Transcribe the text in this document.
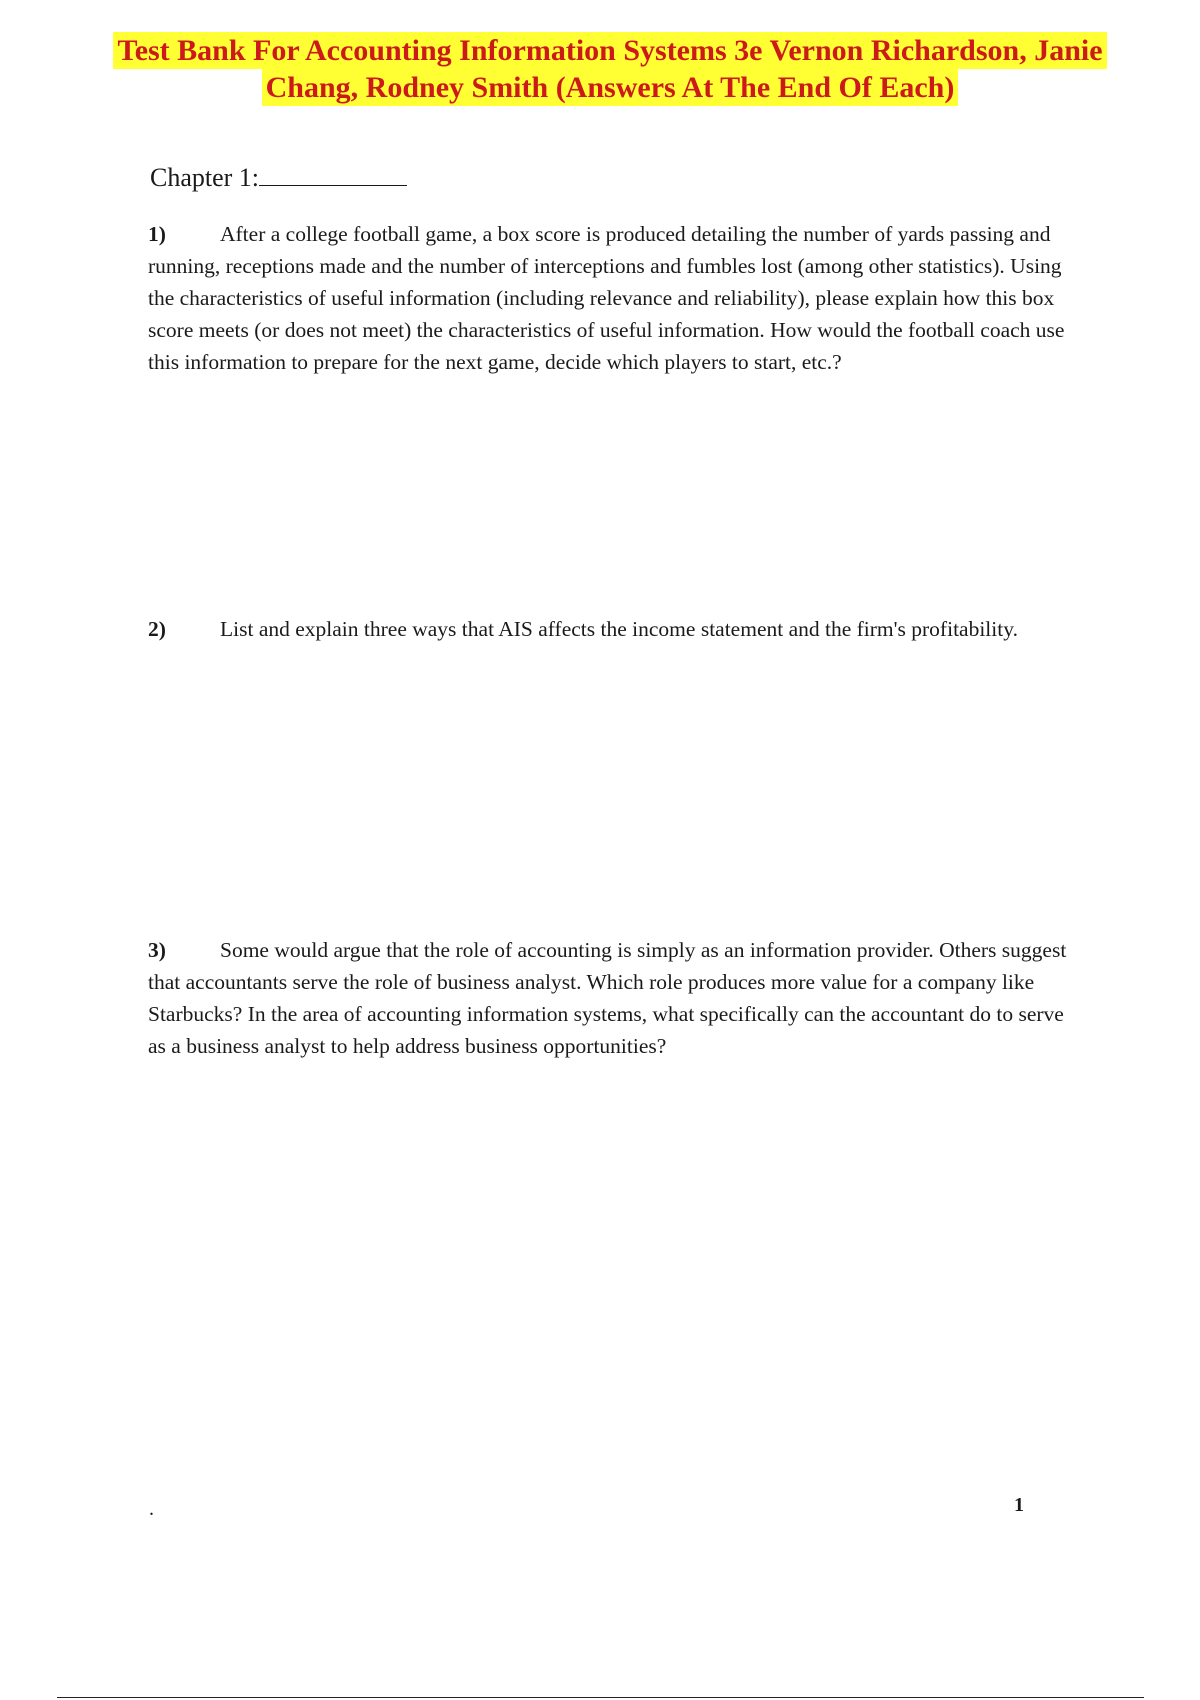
Test Bank For Accounting Information Systems 3e Vernon Richardson, Janie
Chang, Rodney Smith (Answers At The End Of Each)
Chapter 1:
1)	After a college football game, a box score is produced detailing the number of yards passing and running, receptions made and the number of interceptions and fumbles lost (among other statistics). Using the characteristics of useful information (including relevance and reliability), please explain how this box score meets (or does not meet) the characteristics of useful information. How would the football coach use this information to prepare for the next game, decide which players to start, etc.?
2)	List and explain three ways that AIS affects the income statement and the firm's profitability.
3)	Some would argue that the role of accounting is simply as an information provider. Others suggest that accountants serve the role of business analyst. Which role produces more value for a company like Starbucks? In the area of accounting information systems, what specifically can the accountant do to serve as a business analyst to help address business opportunities?
.	1
